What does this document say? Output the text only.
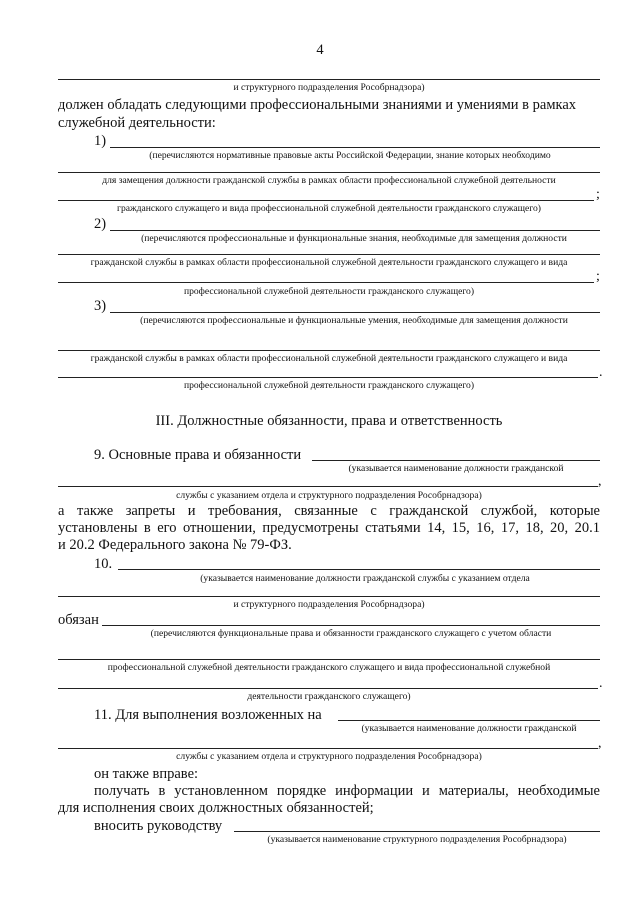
4
и структурного подразделения Рособрнадзора)
должен обладать следующими профессиональными знаниями и умениями в рамках
служебной деятельности:
1)
(перечисляются нормативные правовые акты Российской Федерации, знание которых необходимо
для замещения должности гражданской службы в рамках области профессиональной служебной деятельности
;
гражданского служащего и вида профессиональной служебной деятельности гражданского служащего)
2)
(перечисляются профессиональные и функциональные знания, необходимые для замещения должности
гражданской службы в рамках области профессиональной служебной деятельности гражданского служащего и вида
;
профессиональной служебной деятельности гражданского служащего)
3)
(перечисляются профессиональные и функциональные умения, необходимые для замещения должности
гражданской службы в рамках области профессиональной служебной деятельности гражданского служащего и вида
.
профессиональной служебной деятельности гражданского служащего)
III. Должностные обязанности, права и ответственность
9. Основные права и обязанности
(указывается наименование должности гражданской
,
службы с указанием отдела и структурного подразделения Рособрнадзора)
а также запреты и требования, связанные с гражданской службой, которые
установлены в его отношении, предусмотрены статьями 14, 15, 16, 17, 18, 20, 20.1
и 20.2 Федерального закона № 79-ФЗ.
10.
(указывается наименование должности гражданской службы с указанием отдела
и структурного подразделения Рособрнадзора)
обязан
(перечисляются функциональные права и обязанности гражданского служащего с учетом области
профессиональной служебной деятельности гражданского служащего и вида профессиональной служебной
.
деятельности гражданского служащего)
11. Для выполнения возложенных на
(указывается наименование должности гражданской
,
службы с указанием отдела и структурного подразделения Рособрнадзора)
он также вправе:
получать в установленном порядке информации и материалы, необходимые
для исполнения своих должностных обязанностей;
вносить руководству
(указывается наименование структурного подразделения Рособрнадзора)
